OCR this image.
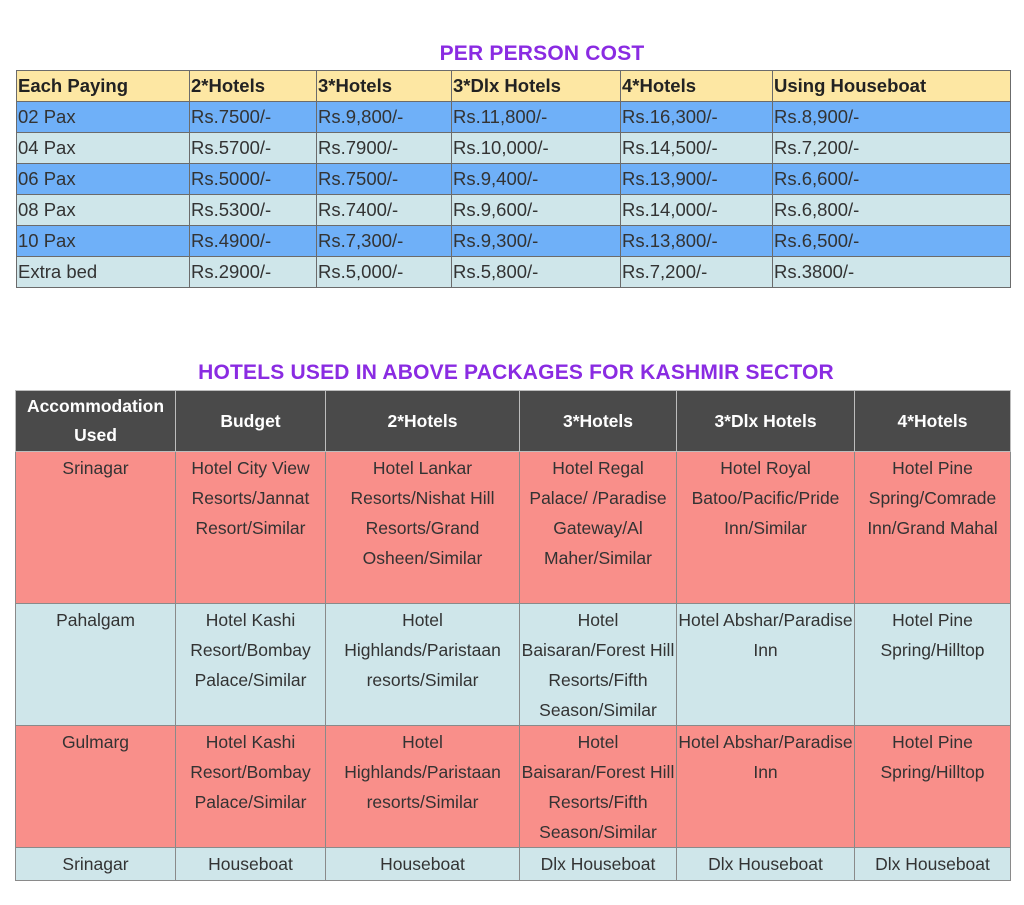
PER PERSON COST
Each Paying	2*Hotels	3*Hotels	3*Dlx Hotels	4*Hotels	Using Houseboat
02 Pax	Rs.7500/-	Rs.9,800/-	Rs.11,800/-	Rs.16,300/-	Rs.8,900/-
04 Pax	Rs.5700/-	Rs.7900/-	Rs.10,000/-	Rs.14,500/-	Rs.7,200/-
06 Pax	Rs.5000/-	Rs.7500/-	Rs.9,400/-	Rs.13,900/-	Rs.6,600/-
08 Pax	Rs.5300/-	Rs.7400/-	Rs.9,600/-	Rs.14,000/-	Rs.6,800/-
10 Pax	Rs.4900/-	Rs.7,300/-	Rs.9,300/-	Rs.13,800/-	Rs.6,500/-
Extra bed	Rs.2900/-	Rs.5,000/-	Rs.5,800/-	Rs.7,200/-	Rs.3800/-
HOTELS USED IN ABOVE PACKAGES FOR KASHMIR SECTOR
Accommodation Used	Budget	2*Hotels	3*Hotels	3*Dlx Hotels	4*Hotels
Srinagar	Hotel City View Resorts/Jannat Resort/Similar	Hotel Lankar Resorts/Nishat Hill Resorts/Grand Osheen/Similar	Hotel Regal Palace/ /Paradise Gateway/Al Maher/Similar	Hotel Royal Batoo/Pacific/Pride Inn/Similar	Hotel Pine Spring/Comrade Inn/Grand Mahal
Pahalgam	Hotel Kashi Resort/Bombay Palace/Similar	Hotel Highlands/Paristaan resorts/Similar	Hotel Baisaran/Forest Hill Resorts/Fifth Season/Similar	Hotel Abshar/Paradise Inn	Hotel Pine Spring/Hilltop
Gulmarg	Hotel Kashi Resort/Bombay Palace/Similar	Hotel Highlands/Paristaan resorts/Similar	Hotel Baisaran/Forest Hill Resorts/Fifth Season/Similar	Hotel Abshar/Paradise Inn	Hotel Pine Spring/Hilltop
Srinagar	Houseboat	Houseboat	Dlx Houseboat	Dlx Houseboat	Dlx Houseboat
